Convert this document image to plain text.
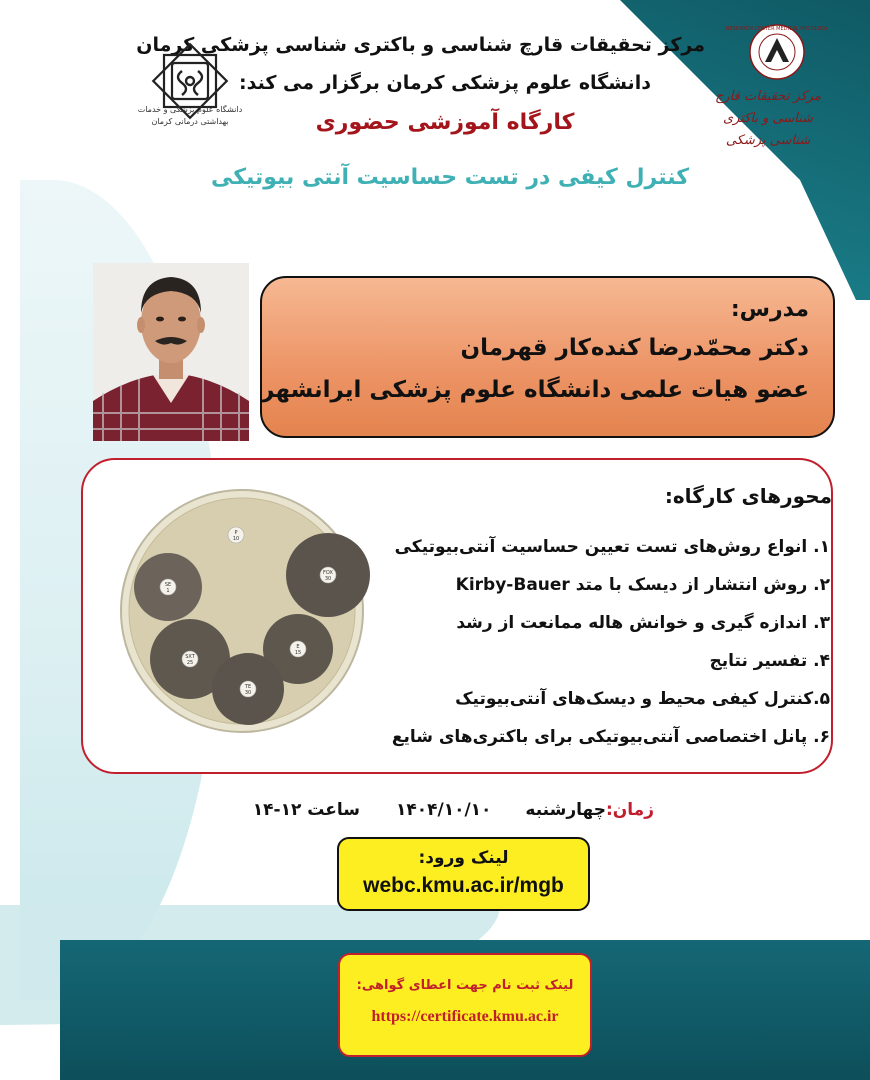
مرکز تحقیقات قارچ شناسی و باکتری شناسی پزشکی کرمان
دانشگاه علوم پزشکی کرمان برگزار می کند:
کارگاه آموزشی حضوری
کنترل کیفی در تست حساسیت آنتی بیوتیکی
دانشگاه علوم پزشکی و خدمات بهداشتی درمانی کرمان
RESEARCH CENTER MEDICAL MYCOLOGY
مرکز تحقیقات قارچ شناسی و باکتری
شناسی پزشکی
مدرس:
دکتر محمّدرضا کنده‌کار قهرمان
عضو هیات علمی دانشگاه علوم پزشکی ایرانشهر
محورهای کارگاه:
۱. انواع روش‌های تست تعیین حساسیت آنتی‌بیوتیکی
۲. روش انتشار از دیسک با متد Kirby-Bauer
۳. اندازه گیری و خوانش هاله ممانعت از رشد
۴. تفسیر نتایج
۵.کنترل کیفی محیط و دیسک‌های آنتی‌بیوتیک
۶. پانل اختصاصی آنتی‌بیوتیکی برای باکتری‌های شایع
P
10
FOX
30
SE
1
SXT
25
E
15
TE
30
زمان:چهارشنبه۱۴۰۴/۱۰/۱۰ساعت ۱۲-۱۴
لینک ورود:
webc.kmu.ac.ir/mgb
لینک ثبت نام جهت اعطای گواهی:
https://certificate.kmu.ac.ir
